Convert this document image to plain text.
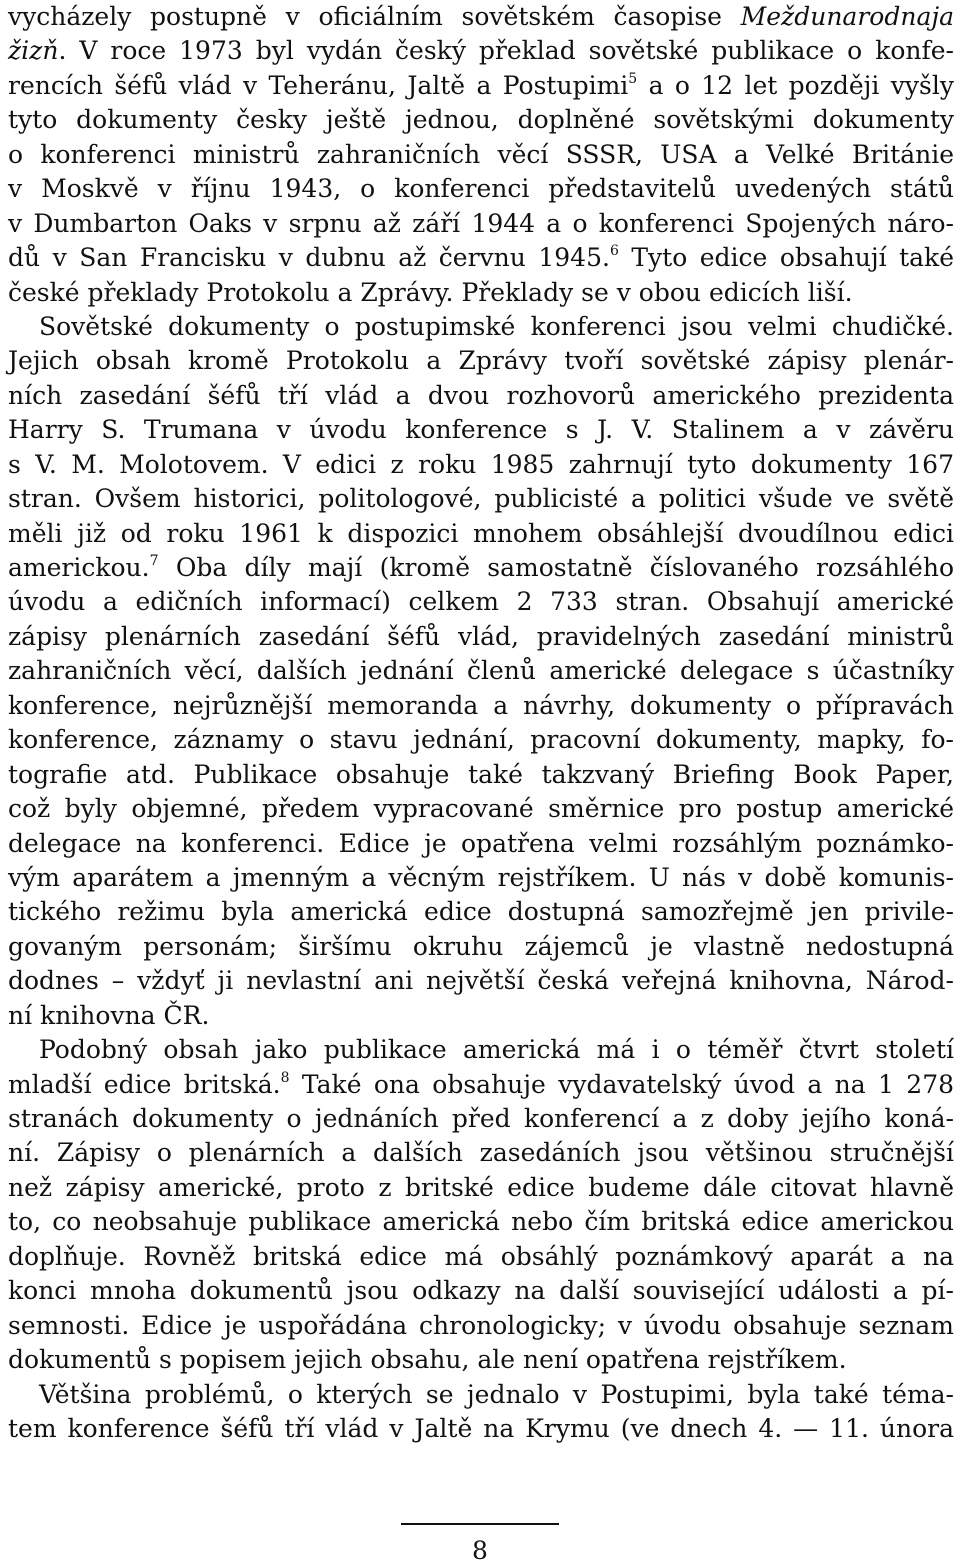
vycházely postupně v oficiálním sovětském časopise Meždunarodnaja
žizň. V roce 1973 byl vydán český překlad sovětské publikace o konfe-
rencích šéfů vlád v Teheránu, Jaltě a Postupimi$^5$ a o 12 let později vyšly
tyto dokumenty česky ještě jednou, doplněné sovětskými dokumenty
o konferenci ministrů zahraničních věcí SSSR, USA a Velké Británie
v Moskvě v říjnu 1943, o konferenci představitelů uvedených států
v Dumbarton Oaks v srpnu až září 1944 a o konferenci Spojených náro-
dů v San Francisku v dubnu až červnu 1945.$^6$ Tyto edice obsahují také
české překlady Protokolu a Zprávy. Překlady se v obou edicích liší.
Sovětské dokumenty o postupimské konferenci jsou velmi chudičké.
Jejich obsah kromě Protokolu a Zprávy tvoří sovětské zápisy plenár-
ních zasedání šéfů tří vlád a dvou rozhovorů amerického prezidenta
Harry S. Trumana v úvodu konference s J. V. Stalinem a v závěru
s V. M. Molotovem. V edici z roku 1985 zahrnují tyto dokumenty 167
stran. Ovšem historici, politologové, publicisté a politici všude ve světě
měli již od roku 1961 k dispozici mnohem obsáhlejší dvoudílnou edici
americkou.$^7$ Oba díly mají (kromě samostatně číslovaného rozsáhlého
úvodu a edičních informací) celkem 2 733 stran. Obsahují americké
zápisy plenárních zasedání šéfů vlád, pravidelných zasedání ministrů
zahraničních věcí, dalších jednání členů americké delegace s účastníky
konference, nejrůznější memoranda a návrhy, dokumenty o přípravách
konference, záznamy o stavu jednání, pracovní dokumenty, mapky, fo-
tografie atd. Publikace obsahuje také takzvaný Briefing Book Paper,
což byly objemné, předem vypracované směrnice pro postup americké
delegace na konferenci. Edice je opatřena velmi rozsáhlým poznámko-
vým aparátem a jmenným a věcným rejstříkem. U nás v době komunis-
tického režimu byla americká edice dostupná samozřejmě jen privile-
govaným personám; širšímu okruhu zájemců je vlastně nedostupná
dodnes – vždyť ji nevlastní ani největší česká veřejná knihovna, Národ-
ní knihovna ČR.
Podobný obsah jako publikace americká má i o téměř čtvrt století
mladší edice britská.$^8$ Také ona obsahuje vydavatelský úvod a na 1 278
stranách dokumenty o jednáních před konferencí a z doby jejího koná-
ní. Zápisy o plenárních a dalších zasedáních jsou většinou stručnější
než zápisy americké, proto z britské edice budeme dále citovat hlavně
to, co neobsahuje publikace americká nebo čím britská edice americkou
doplňuje. Rovněž britská edice má obsáhlý poznámkový aparát a na
konci mnoha dokumentů jsou odkazy na další související události a pí-
semnosti. Edice je uspořádána chronologicky; v úvodu obsahuje seznam
dokumentů s popisem jejich obsahu, ale není opatřena rejstříkem.
Většina problémů, o kterých se jednalo v Postupimi, byla také téma-
tem konference šéfů tří vlád v Jaltě na Krymu (ve dnech 4. — 11. února
8
